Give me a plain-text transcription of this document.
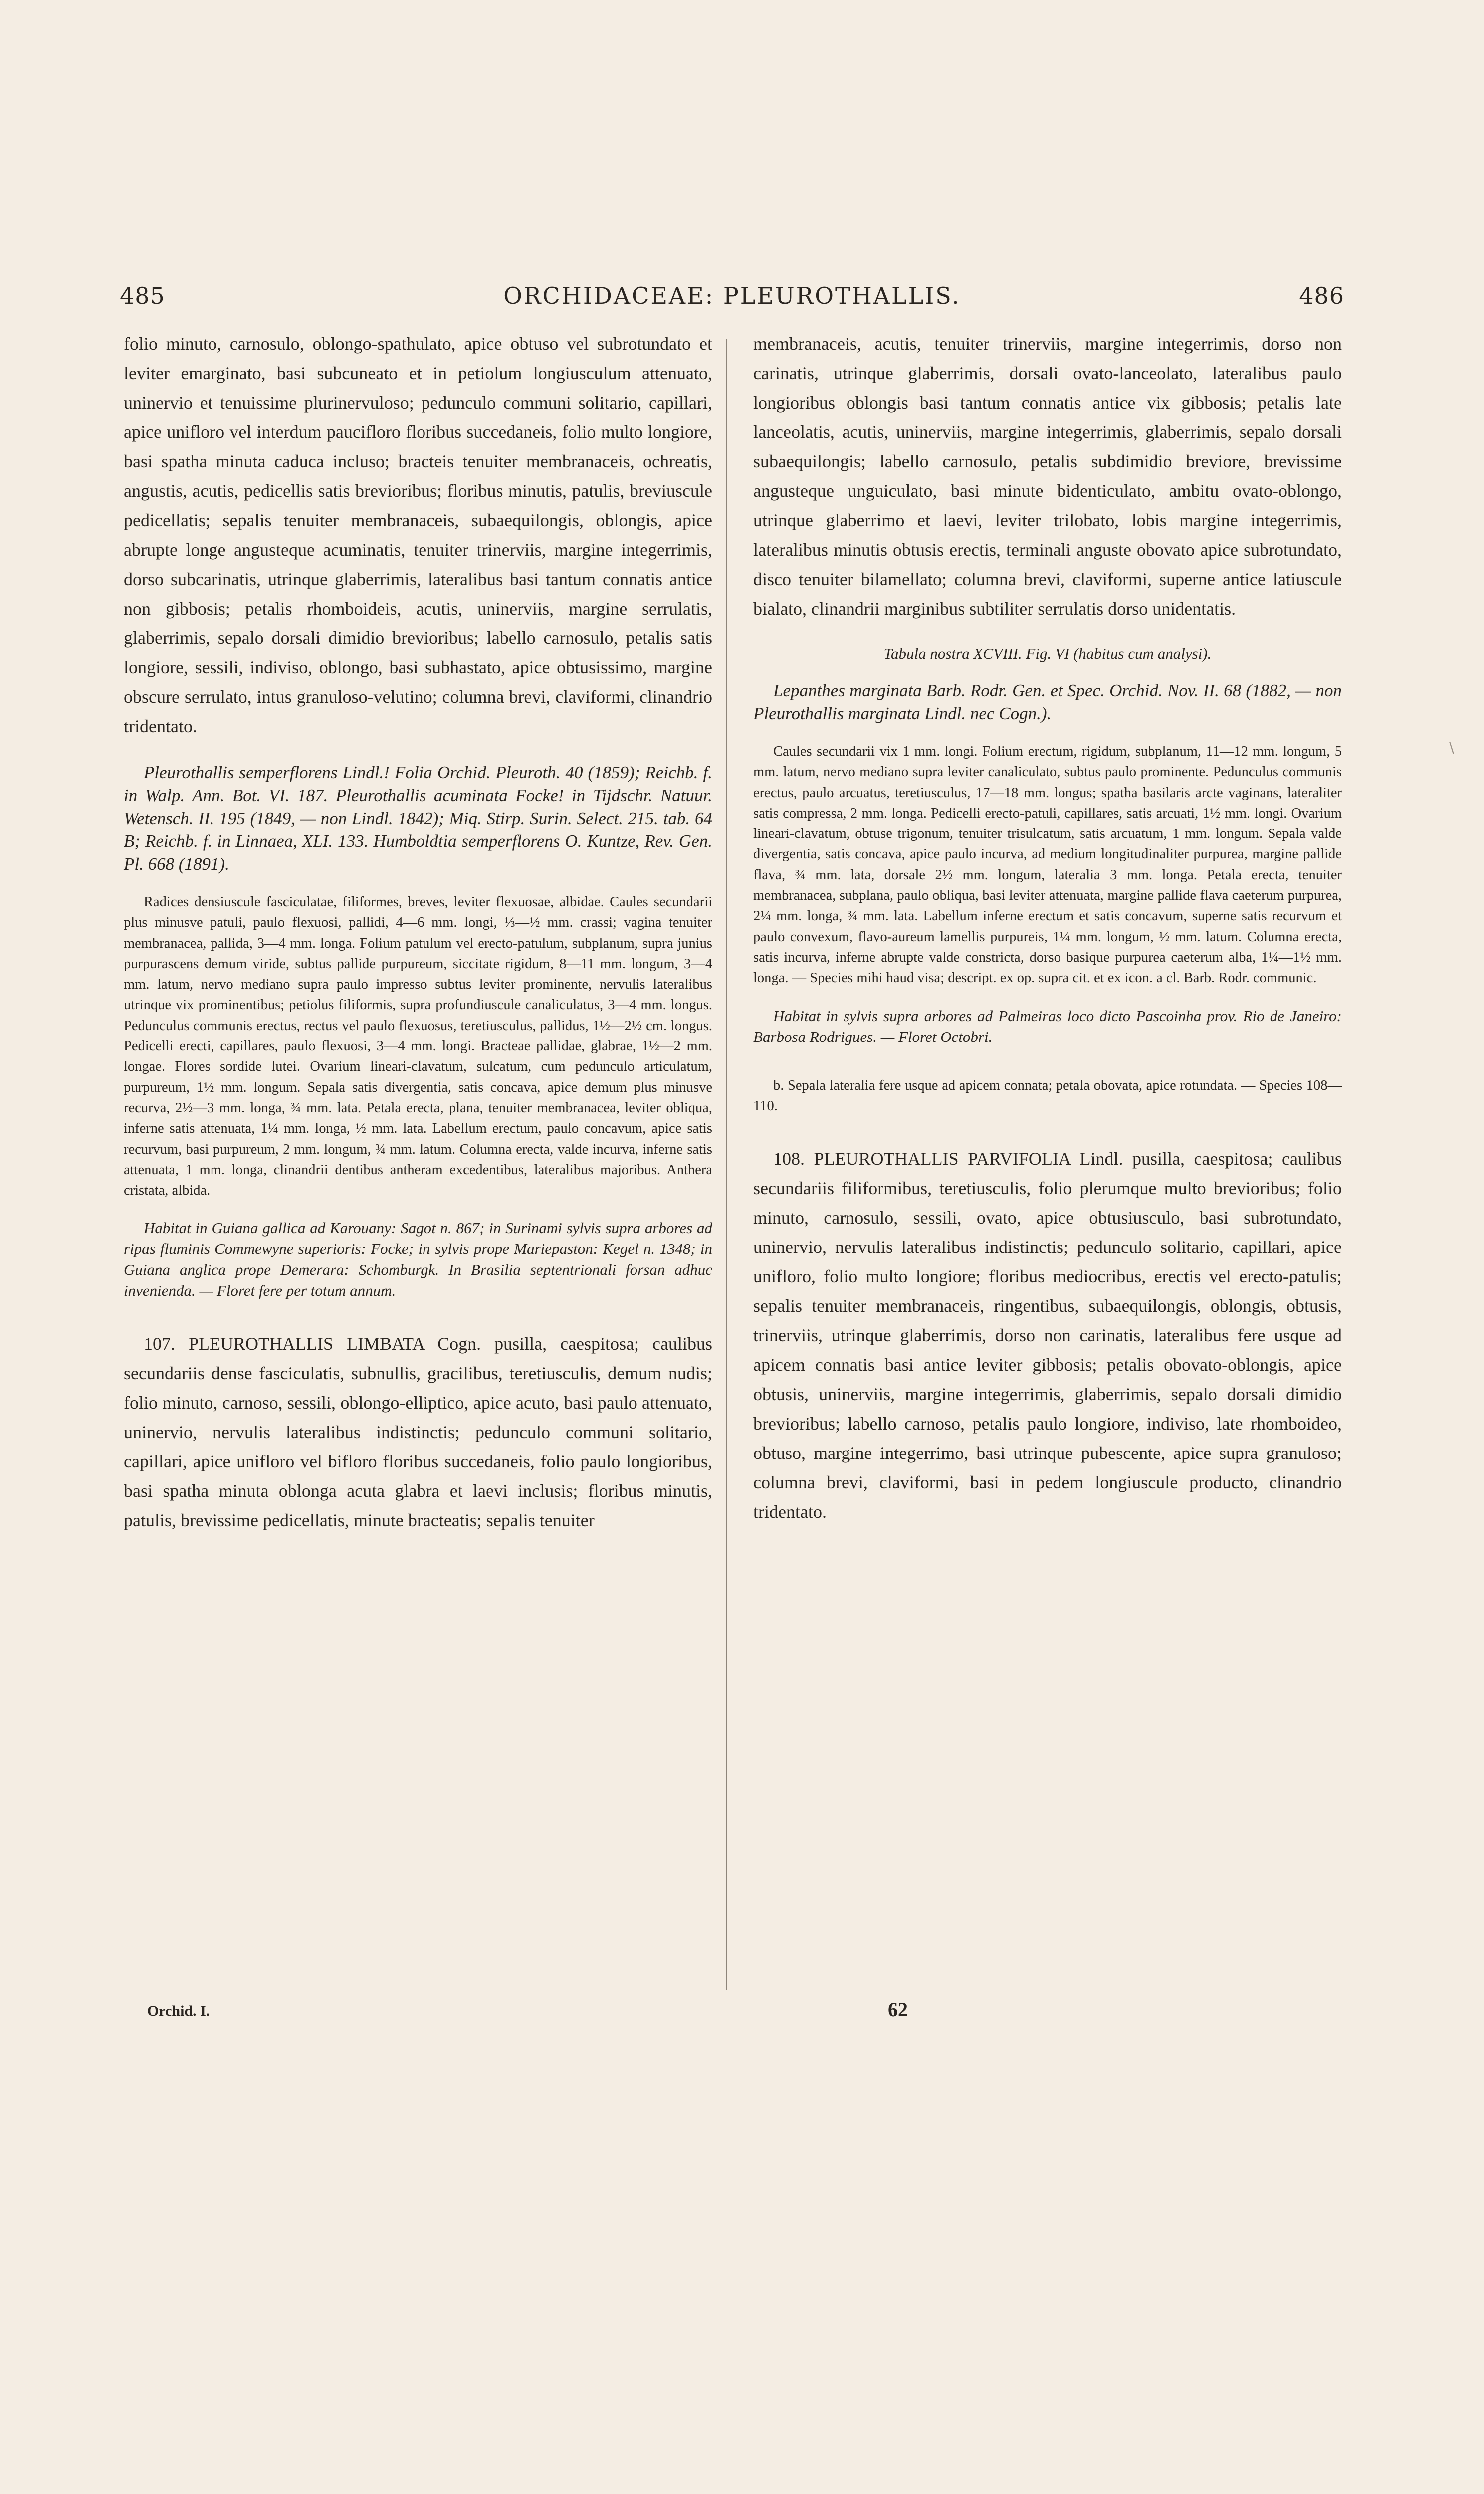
485	ORCHIDACEAE: PLEUROTHALLIS.	486
\

folio minuto, carnosulo, oblongo-spathulato, apice obtuso vel subrotundato et leviter emarginato, basi subcuneato et in petiolum longiusculum attenuato, uninervio et tenuissime plurinervuloso; pedunculo communi solitario, capillari, apice unifloro vel interdum paucifloro floribus succedaneis, folio multo longiore, basi spatha minuta caduca incluso; bracteis tenuiter membranaceis, ochreatis, angustis, acutis, pedicellis satis brevioribus; floribus minutis, patulis, breviuscule pedicellatis; sepalis tenuiter membranaceis, subaequilongis, oblongis, apice abrupte longe angusteque acuminatis, tenuiter trinerviis, margine integerrimis, dorso subcarinatis, utrinque glaberrimis, lateralibus basi tantum connatis antice non gibbosis; petalis rhomboideis, acutis, uninerviis, margine serrulatis, glaberrimis, sepalo dorsali dimidio brevioribus; labello carnosulo, petalis satis longiore, sessili, indiviso, oblongo, basi subhastato, apice obtusissimo, margine obscure serrulato, intus granuloso-velutino; columna brevi, claviformi, clinandrio tridentato.

Pleurothallis semperflorens Lindl.! Folia Orchid. Pleuroth. 40 (1859); Reichb. f. in Walp. Ann. Bot. VI. 187. Pleurothallis acuminata Focke! in Tijdschr. Natuur. Wetensch. II. 195 (1849, — non Lindl. 1842); Miq. Stirp. Surin. Select. 215. tab. 64 B; Reichb. f. in Linnaea, XLI. 133. Humboldtia semperflorens O. Kuntze, Rev. Gen. Pl. 668 (1891).

Radices densiuscule fasciculatae, filiformes, breves, leviter flexuosae, albidae. Caules secundarii plus minusve patuli, paulo flexuosi, pallidi, 4—6 mm. longi, ⅓—½ mm. crassi; vagina tenuiter membranacea, pallida, 3—4 mm. longa. Folium patulum vel erecto-patulum, subplanum, supra junius purpurascens demum viride, subtus pallide purpureum, siccitate rigidum, 8—11 mm. longum, 3—4 mm. latum, nervo mediano supra paulo impresso subtus leviter prominente, nervulis lateralibus utrinque vix prominentibus; petiolus filiformis, supra profundiuscule canaliculatus, 3—4 mm. longus. Pedunculus communis erectus, rectus vel paulo flexuosus, teretiusculus, pallidus, 1½—2½ cm. longus. Pedicelli erecti, capillares, paulo flexuosi, 3—4 mm. longi. Bracteae pallidae, glabrae, 1½—2 mm. longae. Flores sordide lutei. Ovarium lineari-clavatum, sulcatum, cum pedunculo articulatum, purpureum, 1½ mm. longum. Sepala satis divergentia, satis concava, apice demum plus minusve recurva, 2½—3 mm. longa, ¾ mm. lata. Petala erecta, plana, tenuiter membranacea, leviter obliqua, inferne satis attenuata, 1¼ mm. longa, ½ mm. lata. Labellum erectum, paulo concavum, apice satis recurvum, basi purpureum, 2 mm. longum, ¾ mm. latum. Columna erecta, valde incurva, inferne satis attenuata, 1 mm. longa, clinandrii dentibus antheram excedentibus, lateralibus majoribus. Anthera cristata, albida.

Habitat in Guiana gallica ad Karouany: Sagot n. 867; in Surinami sylvis supra arbores ad ripas fluminis Commewyne superioris: Focke; in sylvis prope Mariepaston: Kegel n. 1348; in Guiana anglica prope Demerara: Schomburgk. In Brasilia septentrionali forsan adhuc invenienda. — Floret fere per totum annum.

107. PLEUROTHALLIS LIMBATA Cogn. pusilla, caespitosa; caulibus secundariis dense fasciculatis, subnullis, gracilibus, teretiusculis, demum nudis; folio minuto, carnoso, sessili, oblongo-elliptico, apice acuto, basi paulo attenuato, uninervio, nervulis lateralibus indistinctis; pedunculo communi solitario, capillari, apice unifloro vel bifloro floribus succedaneis, folio paulo longioribus, basi spatha minuta oblonga acuta glabra et laevi inclusis; floribus minutis, patulis, brevissime pedicellatis, minute bracteatis; sepalis tenuiter

membranaceis, acutis, tenuiter trinerviis, margine integerrimis, dorso non carinatis, utrinque glaberrimis, dorsali ovato-lanceolato, lateralibus paulo longioribus oblongis basi tantum connatis antice vix gibbosis; petalis late lanceolatis, acutis, uninerviis, margine integerrimis, glaberrimis, sepalo dorsali subaequilongis; labello carnosulo, petalis subdimidio breviore, brevissime angusteque unguiculato, basi minute bidenticulato, ambitu ovato-oblongo, utrinque glaberrimo et laevi, leviter trilobato, lobis margine integerrimis, lateralibus minutis obtusis erectis, terminali anguste obovato apice subrotundato, disco tenuiter bilamellato; columna brevi, claviformi, superne antice latiuscule bialato, clinandrii marginibus subtiliter serrulatis dorso unidentatis.

Tabula nostra XCVIII. Fig. VI (habitus cum analysi).

Lepanthes marginata Barb. Rodr. Gen. et Spec. Orchid. Nov. II. 68 (1882, — non Pleurothallis marginata Lindl. nec Cogn.).

Caules secundarii vix 1 mm. longi. Folium erectum, rigidum, subplanum, 11—12 mm. longum, 5 mm. latum, nervo mediano supra leviter canaliculato, subtus paulo prominente. Pedunculus communis erectus, paulo arcuatus, teretiusculus, 17—18 mm. longus; spatha basilaris arcte vaginans, lateraliter satis compressa, 2 mm. longa. Pedicelli erecto-patuli, capillares, satis arcuati, 1½ mm. longi. Ovarium lineari-clavatum, obtuse trigonum, tenuiter trisulcatum, satis arcuatum, 1 mm. longum. Sepala valde divergentia, satis concava, apice paulo incurva, ad medium longitudinaliter purpurea, margine pallide flava, ¾ mm. lata, dorsale 2½ mm. longum, lateralia 3 mm. longa. Petala erecta, tenuiter membranacea, subplana, paulo obliqua, basi leviter attenuata, margine pallide flava caeterum purpurea, 2¼ mm. longa, ¾ mm. lata. Labellum inferne erectum et satis concavum, superne satis recurvum et paulo convexum, flavo-aureum lamellis purpureis, 1¼ mm. longum, ½ mm. latum. Columna erecta, satis incurva, inferne abrupte valde constricta, dorso basique purpurea caeterum alba, 1¼—1½ mm. longa. — Species mihi haud visa; descript. ex op. supra cit. et ex icon. a cl. Barb. Rodr. communic.

Habitat in sylvis supra arbores ad Palmeiras loco dicto Pascoinha prov. Rio de Janeiro: Barbosa Rodrigues. — Floret Octobri.

b. Sepala lateralia fere usque ad apicem connata; petala obovata, apice rotundata. — Species 108—110.

108. PLEUROTHALLIS PARVIFOLIA Lindl. pusilla, caespitosa; caulibus secundariis filiformibus, teretiusculis, folio plerumque multo brevioribus; folio minuto, carnosulo, sessili, ovato, apice obtusiusculo, basi subrotundato, uninervio, nervulis lateralibus indistinctis; pedunculo solitario, capillari, apice unifloro, folio multo longiore; floribus mediocribus, erectis vel erecto-patulis; sepalis tenuiter membranaceis, ringentibus, subaequilongis, oblongis, obtusis, trinerviis, utrinque glaberrimis, dorso non carinatis, lateralibus fere usque ad apicem connatis basi antice leviter gibbosis; petalis obovato-oblongis, apice obtusis, uninerviis, margine integerrimis, glaberrimis, sepalo dorsali dimidio brevioribus; labello carnoso, petalis paulo longiore, indiviso, late rhomboideo, obtuso, margine integerrimo, basi utrinque pubescente, apice supra granuloso; columna brevi, claviformi, basi in pedem longiuscule producto, clinandrio tridentato.

Orchid. I.	62
